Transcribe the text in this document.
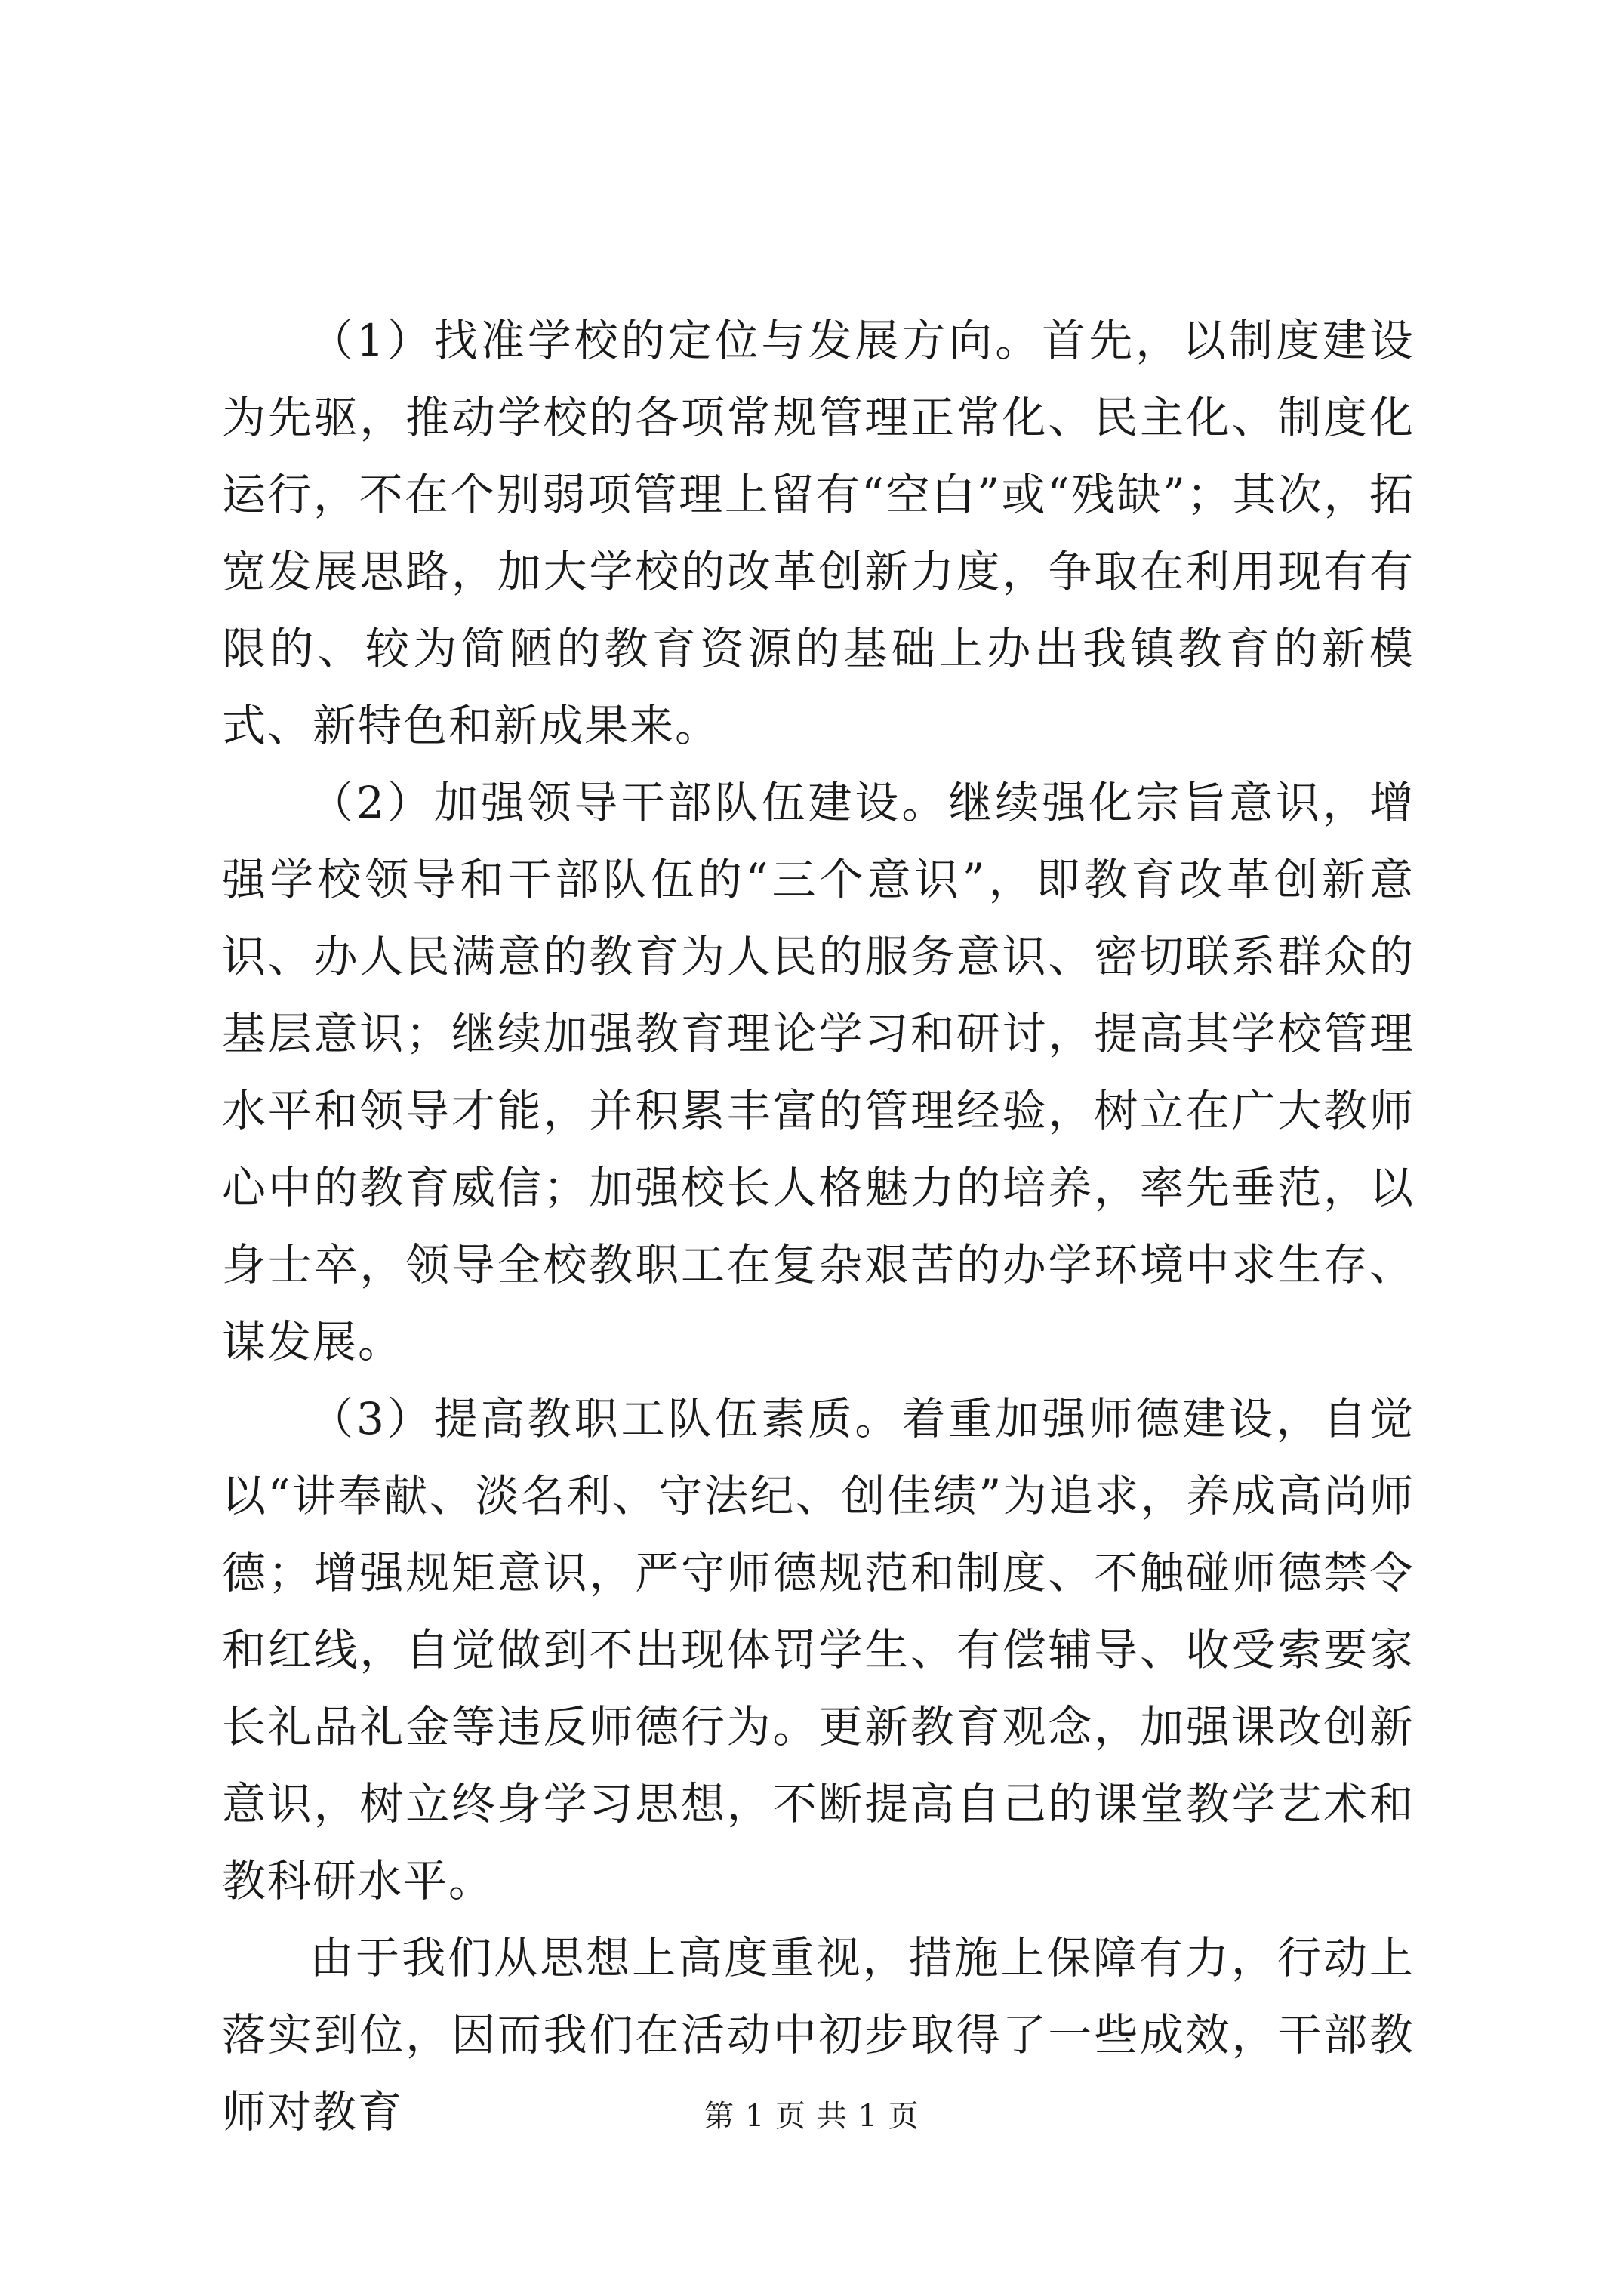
（1）找准学校的定位与发展方向。首先，以制度建设为先驱，推动学校的各项常规管理正常化、民主化、制度化运行，不在个别弱项管理上留有“空白”或“残缺”；其次，拓宽发展思路，加大学校的改革创新力度，争取在利用现有有限的、较为简陋的教育资源的基础上办出我镇教育的新模式、新特色和新成果来。

（2）加强领导干部队伍建设。继续强化宗旨意识，增强学校领导和干部队伍的“三个意识”，即教育改革创新意识、办人民满意的教育为人民的服务意识、密切联系群众的基层意识；继续加强教育理论学习和研讨，提高其学校管理水平和领导才能，并积累丰富的管理经验，树立在广大教师心中的教育威信；加强校长人格魅力的培养，率先垂范，以身士卒，领导全校教职工在复杂艰苦的办学环境中求生存、谋发展。

（3）提高教职工队伍素质。着重加强师德建设，自觉以“讲奉献、淡名利、守法纪、创佳绩”为追求，养成高尚师德；增强规矩意识，严守师德规范和制度、不触碰师德禁令和红线，自觉做到不出现体罚学生、有偿辅导、收受索要家长礼品礼金等违反师德行为。更新教育观念，加强课改创新意识，树立终身学习思想，不断提高自己的课堂教学艺术和教科研水平。

由于我们从思想上高度重视，措施上保障有力，行动上落实到位，因而我们在活动中初步取得了一些成效，干部教师对教育	第 1 页 共 1 页
